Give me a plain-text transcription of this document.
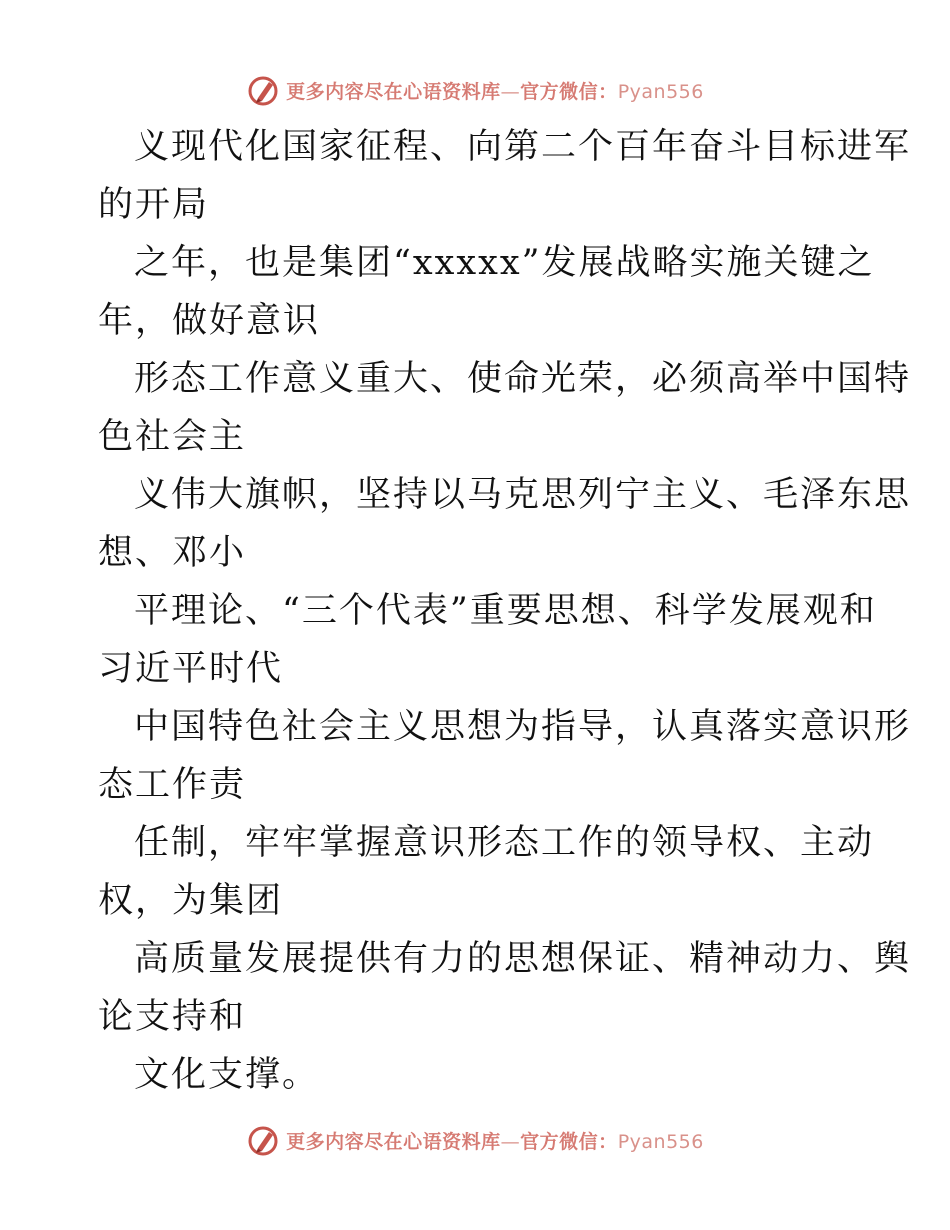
更多内容尽在心语资料库—官方微信：Pyan556

义现代化国家征程、向第二个百年奋斗目标进军
的开局

之年，也是集团“xxxxx”发展战略实施关键之
年，做好意识

形态工作意义重大、使命光荣，必须高举中国特
色社会主

义伟大旗帜，坚持以马克思列宁主义、毛泽东思
想、邓小

平理论、“三个代表”重要思想、科学发展观和
习近平时代

中国特色社会主义思想为指导，认真落实意识形
态工作责

任制，牢牢掌握意识形态工作的领导权、主动
权，为集团

高质量发展提供有力的思想保证、精神动力、舆
论支持和

文化支撑。

更多内容尽在心语资料库—官方微信：Pyan556
